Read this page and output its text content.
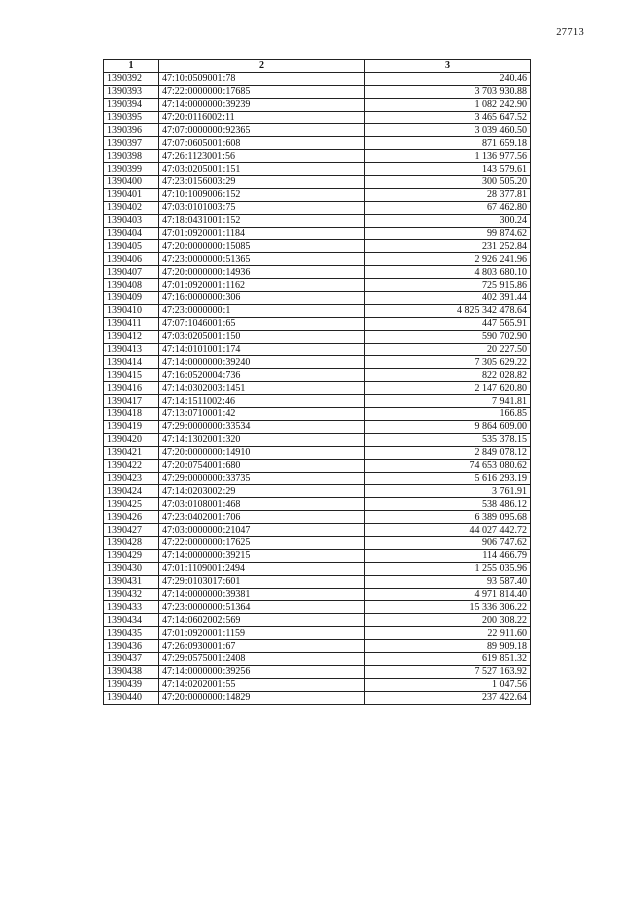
27713
1	2	3
1390392	47:10:0509001:78	240.46
1390393	47:22:0000000:17685	3 703 930.88
1390394	47:14:0000000:39239	1 082 242.90
1390395	47:20:0116002:11	3 465 647.52
1390396	47:07:0000000:92365	3 039 460.50
1390397	47:07:0605001:608	871 659.18
1390398	47:26:1123001:56	1 136 977.56
1390399	47:03:0205001:151	143 579.61
1390400	47:23:0156003:29	300 505.20
1390401	47:10:1009006:152	28 377.81
1390402	47:03:0101003:75	67 462.80
1390403	47:18:0431001:152	300.24
1390404	47:01:0920001:1184	99 874.62
1390405	47:20:0000000:15085	231 252.84
1390406	47:23:0000000:51365	2 926 241.96
1390407	47:20:0000000:14936	4 803 680.10
1390408	47:01:0920001:1162	725 915.86
1390409	47:16:0000000:306	402 391.44
1390410	47:23:0000000:1	4 825 342 478.64
1390411	47:07:1046001:65	447 565.91
1390412	47:03:0205001:150	590 702.90
1390413	47:14:0101001:174	20 227.50
1390414	47:14:0000000:39240	7 305 629.22
1390415	47:16:0520004:736	822 028.82
1390416	47:14:0302003:1451	2 147 620.80
1390417	47:14:1511002:46	7 941.81
1390418	47:13:0710001:42	166.85
1390419	47:29:0000000:33534	9 864 609.00
1390420	47:14:1302001:320	535 378.15
1390421	47:20:0000000:14910	2 849 078.12
1390422	47:20:0754001:680	74 653 080.62
1390423	47:29:0000000:33735	5 616 293.19
1390424	47:14:0203002:29	3 761.91
1390425	47:03:0108001:468	538 486.12
1390426	47:23:0402001:706	6 389 095.68
1390427	47:03:0000000:21047	44 027 442.72
1390428	47:22:0000000:17625	906 747.62
1390429	47:14:0000000:39215	114 466.79
1390430	47:01:1109001:2494	1 255 035.96
1390431	47:29:0103017:601	93 587.40
1390432	47:14:0000000:39381	4 971 814.40
1390433	47:23:0000000:51364	15 336 306.22
1390434	47:14:0602002:569	200 308.22
1390435	47:01:0920001:1159	22 911.60
1390436	47:26:0930001:67	89 909.18
1390437	47:29:0575001:2408	619 851.32
1390438	47:14:0000000:39256	7 527 163.92
1390439	47:14:0202001:55	1 047.56
1390440	47:20:0000000:14829	237 422.64
